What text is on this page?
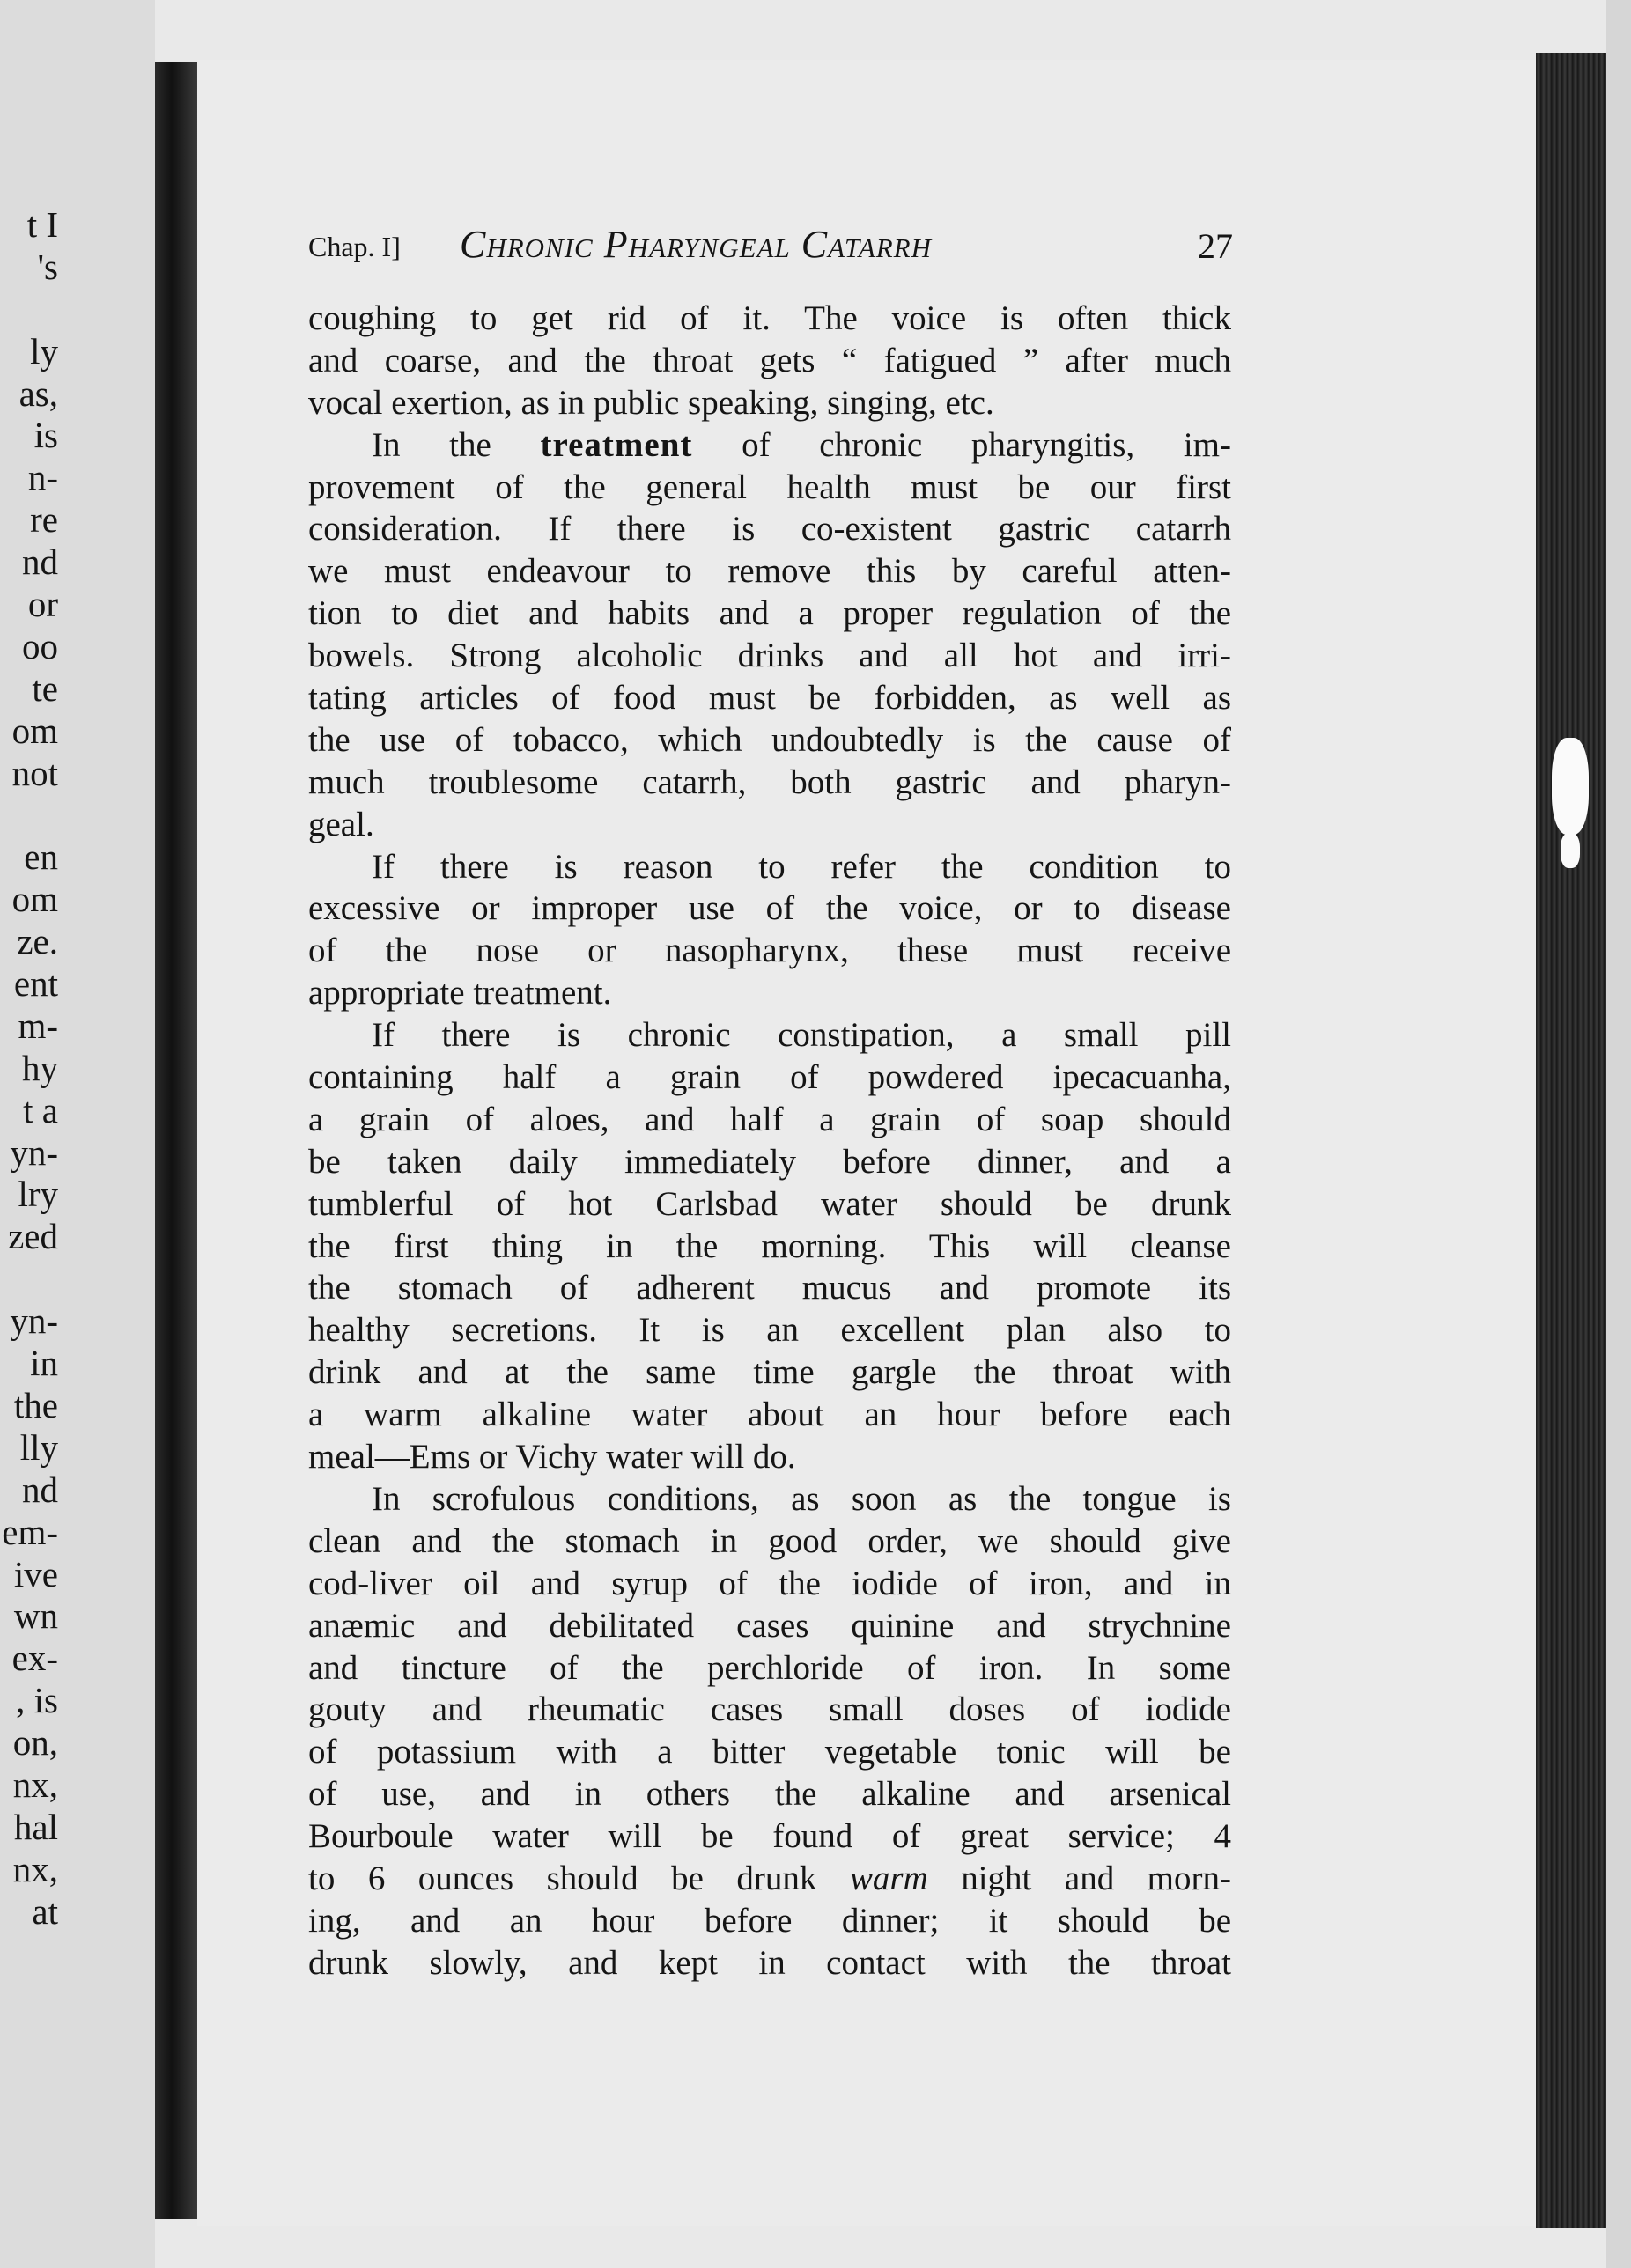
t I
's
ly
as,
is
n-
re
nd
or
oo
te
om
not
en
om
ze.
ent
m-
hy
t a
yn-
lry
zed
yn-
in
the
lly
nd
em-
ive
wn
ex-
, is
on,
nx,
hal
nx,
at
Chap. I] Chronic Pharyngeal Catarrh	27
coughing to get rid of it. The voice is often thick
and coarse, and the throat gets “ fatigued ” after much
vocal exertion, as in public speaking, singing, etc.
In the treatment of chronic pharyngitis, im-
provement of the general health must be our first
consideration. If there is co-existent gastric catarrh
we must endeavour to remove this by careful atten-
tion to diet and habits and a proper regulation of the
bowels. Strong alcoholic drinks and all hot and irri-
tating articles of food must be forbidden, as well as
the use of tobacco, which undoubtedly is the cause of
much troublesome catarrh, both gastric and pharyn-
geal.
If there is reason to refer the condition to
excessive or improper use of the voice, or to disease
of the nose or nasopharynx, these must receive
appropriate treatment.
If there is chronic constipation, a small pill
containing half a grain of powdered ipecacuanha,
a grain of aloes, and half a grain of soap should
be taken daily immediately before dinner, and a
tumblerful of hot Carlsbad water should be drunk
the first thing in the morning. This will cleanse
the stomach of adherent mucus and promote its
healthy secretions. It is an excellent plan also to
drink and at the same time gargle the throat with
a warm alkaline water about an hour before each
meal—Ems or Vichy water will do.
In scrofulous conditions, as soon as the tongue is
clean and the stomach in good order, we should give
cod-liver oil and syrup of the iodide of iron, and in
anæmic and debilitated cases quinine and strychnine
and tincture of the perchloride of iron. In some
gouty and rheumatic cases small doses of iodide
of potassium with a bitter vegetable tonic will be
of use, and in others the alkaline and arsenical
Bourboule water will be found of great service; 4
to 6 ounces should be drunk warm night and morn-
ing, and an hour before dinner; it should be
drunk slowly, and kept in contact with the throat
